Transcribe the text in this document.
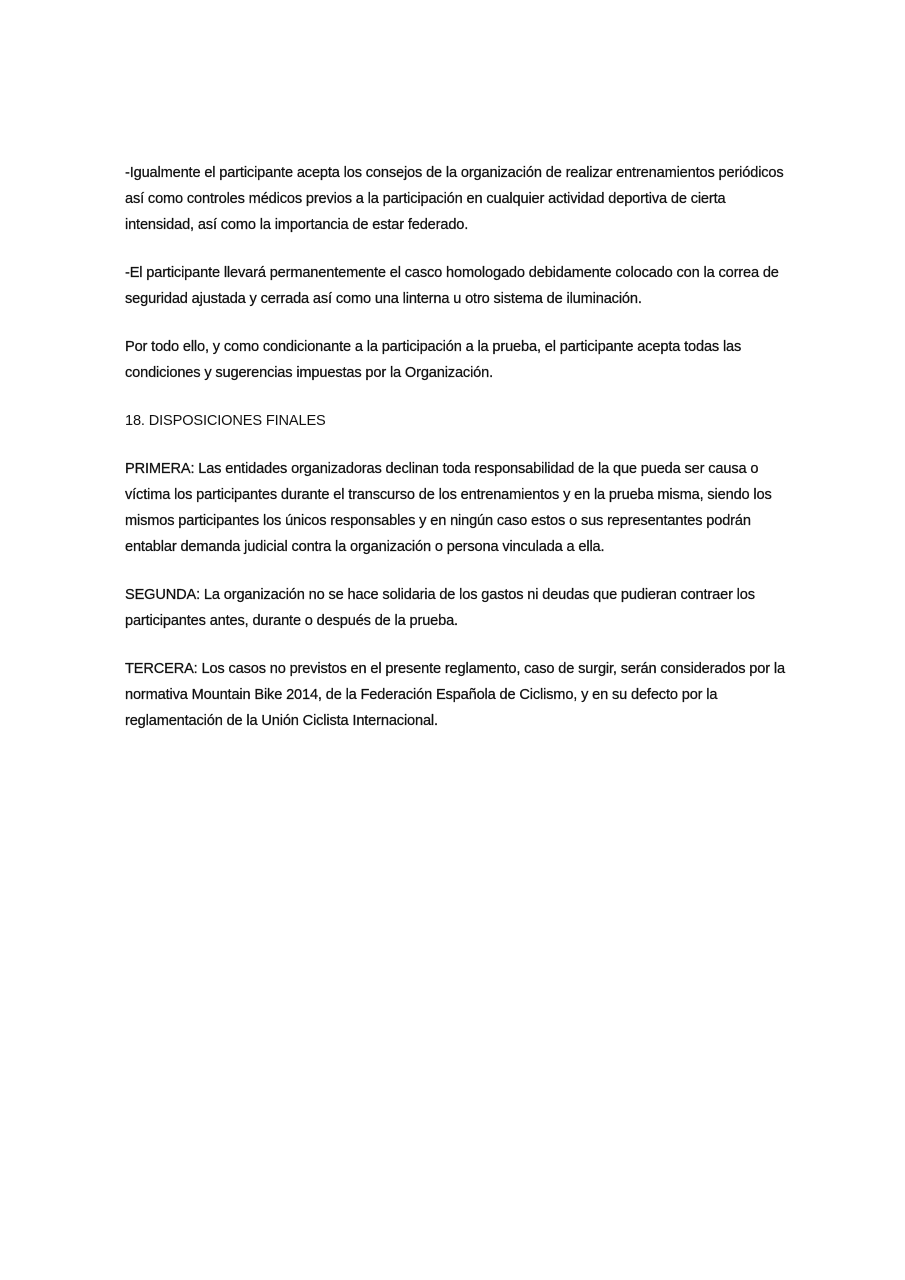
-Igualmente el participante acepta los consejos de la organización de realizar entrenamientos periódicos así como controles médicos previos a la participación en cualquier actividad deportiva de cierta intensidad, así como la importancia de estar federado.

-El participante llevará permanentemente el casco homologado debidamente colocado con la correa de seguridad ajustada y cerrada así como una linterna u otro sistema de iluminación.

Por todo ello, y como condicionante a la participación a la prueba, el participante acepta todas las condiciones y sugerencias impuestas por la Organización.

18. DISPOSICIONES FINALES

PRIMERA: Las entidades organizadoras declinan toda responsabilidad de la que pueda ser causa o víctima los participantes durante el transcurso de los entrenamientos y en la prueba misma, siendo los mismos participantes los únicos responsables y en ningún caso estos o sus representantes podrán entablar demanda judicial contra la organización o persona vinculada a ella.

SEGUNDA: La organización no se hace solidaria de los gastos ni deudas que pudieran contraer los participantes antes, durante o después de la prueba.

TERCERA: Los casos no previstos en el presente reglamento, caso de surgir, serán considerados por la normativa Mountain Bike 2014, de la Federación Española de Ciclismo, y en su defecto por la reglamentación de la Unión Ciclista Internacional.
